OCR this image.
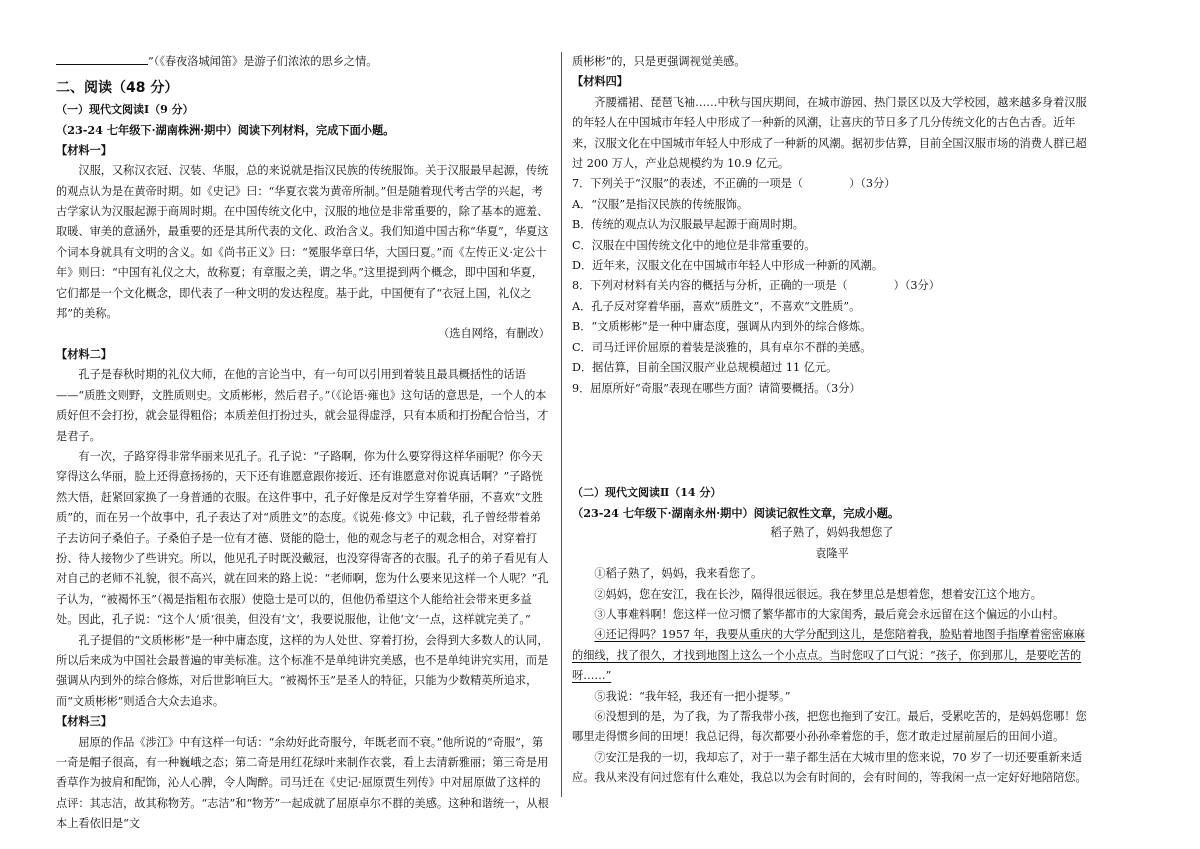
”（《春夜洛城闻笛》是游子们浓浓的思乡之情。

二、阅读（48 分）

（一）现代文阅读Ⅰ（9 分）

（23-24 七年级下·湖南株洲·期中）阅读下列材料，完成下面小题。

【材料一】

汉服，又称汉衣冠、汉装、华服，总的来说就是指汉民族的传统服饰。关于汉服最早起源，传统的观点认为是在黄帝时期。如《史记》曰：“华夏衣裳为黄帝所制。”但是随着现代考古学的兴起，考古学家认为汉服起源于商周时期。在中国传统文化中，汉服的地位是非常重要的，除了基本的遮羞、取暖、审美的意涵外，最重要的还是其所代表的文化、政治含义。我们知道中国古称“华夏”，华夏这个词本身就具有文明的含义。如《尚书正义》曰：“冕服华章曰华，大国曰夏。”而《左传正义·定公十年》则曰：“中国有礼仪之大，故称夏；有章服之美，谓之华。”这里提到两个概念，即中国和华夏，它们都是一个文化概念，即代表了一种文明的发达程度。基于此，中国便有了“衣冠上国，礼仪之邦”的美称。

（选自网络，有删改）

【材料二】

孔子是春秋时期的礼仪大师，在他的言论当中，有一句可以引用到着装且最具概括性的话语——“质胜文则野，文胜质则史。文质彬彬，然后君子。”（《论语·雍也》这句话的意思是，一个人的本质好但不会打扮，就会显得粗俗；本质差但打扮过头，就会显得虚浮，只有本质和打扮配合恰当，才是君子。

有一次，子路穿得非常华丽来见孔子。孔子说：“子路啊，你为什么要穿得这样华丽呢？你今天穿得这么华丽，脸上还得意扬扬的，天下还有谁愿意跟你接近、还有谁愿意对你说真话啊？”子路恍然大悟，赶紧回家换了一身普通的衣服。在这件事中，孔子好像是反对学生穿着华丽，不喜欢“文胜质”的，而在另一个故事中，孔子表达了对“质胜文”的态度。《说苑·修文》中记载，孔子曾经带着弟子去访问子桑伯子。子桑伯子是一位有才德、贤能的隐士，他的观念与老子的观念相合，对穿着打扮、待人接物少了些讲究。所以，他见孔子时既没戴冠，也没穿得寄吝的衣服。孔子的弟子看见有人对自己的老师不礼貌，很不高兴，就在回来的路上说：“老师啊，您为什么要来见这样一个人呢？”孔子认为，“被褐怀玉”（褐是指粗布衣服）使隐士是可以的，但他仍希望这个人能给社会带来更多益处。因此，孔子说：“这个人‘质’很美，但没有‘文’，我要说服他，让他‘文’一点，这样就完美了。”

孔子提倡的“文质彬彬”是一种中庸态度，这样的为人处世、穿着打扮，会得到大多数人的认同，所以后来成为中国社会最普遍的审美标准。这个标准不是单纯讲究美感，也不是单纯讲究实用，而是强调从内到外的综合修炼，对后世影响巨大。“被褐怀玉”是圣人的特征，只能为少数精英所追求，而“文质彬彬”则适合大众去追求。

【材料三】

屈原的作品《涉江》中有这样一句话：“余幼好此奇服兮，年既老而不衰。”他所说的“奇服”，第一奇是帽子很高，有一种巍峨之态；第二奇是用红花绿叶来制作衣裳，看上去清新雅丽；第三奇是用香草作为披肩和配饰，沁人心脾，令人陶醉。司马迁在《史记·屈原贾生列传》中对屈原做了这样的点评：其志洁，故其称物芳。“志洁”和“物芳”一起成就了屈原卓尔不群的美感。这种和谐统一，从根本上看依旧是“文

质彬彬”的，只是更强调视觉美感。

【材料四】

齐腰襦裙、琵琶飞袖……中秋与国庆期间，在城市游园、热门景区以及大学校园，越来越多身着汉服的年轻人在中国城市年轻人中形成了一种新的风潮，让喜庆的节日多了几分传统文化的古色古香。近年来，汉服文化在中国城市年轻人中形成了一种新的风潮。据初步估算，目前全国汉服市场的消费人群已超过 200 万人，产业总规模约为 10.9 亿元。

7．下列关于“汉服”的表述，不正确的一项是（	）（3分）

A．“汉服”是指汉民族的传统服饰。

B．传统的观点认为汉服最早起源于商周时期。

C．汉服在中国传统文化中的地位是非常重要的。

D．近年来，汉服文化在中国城市年轻人中形成一种新的风潮。

8．下列对材料有关内容的概括与分析，正确的一项是（	）（3分）

A．孔子反对穿着华丽，喜欢“质胜文”，不喜欢“文胜质”。

B．“文质彬彬”是一种中庸态度，强调从内到外的综合修炼。

C．司马迁评价屈原的着装是淡雅的，具有卓尔不群的美感。

D．据估算，目前全国汉服产业总规模超过 11 亿元。

9．屈原所好“奇服”表现在哪些方面？请简要概括。（3分）

（二）现代文阅读Ⅱ（14 分）

（23-24 七年级下·湖南永州·期中）阅读记叙性文章，完成小题。

稻子熟了，妈妈我想您了

袁隆平

①稻子熟了，妈妈，我来看您了。

②妈妈，您在安江，我在长沙，隔得很远很远。我在梦里总是想着您，想着安江这个地方。

③人事难料啊！您这样一位习惯了繁华都市的大家闺秀，最后竟会永远留在这个偏远的小山村。

④还记得吗？1957 年，我要从重庆的大学分配到这儿，是您陪着我，脸贴着地图手指摩着密密麻麻的细线，找了很久，才找到地图上这么一个小点点。当时您叹了口气说：“孩子，你到那儿，是要吃苦的呀……”

⑤我说：“我年轻，我还有一把小提琴。”

⑥没想到的是，为了我，为了帮我带小孩，把您也拖到了安江。最后，受累吃苦的，是妈妈您哪！您哪里走得惯乡间的田埂！我总记得，每次都要小孙孙牵着您的手，您才敢走过屋前屋后的田间小道。

⑦安江是我的一切，我却忘了，对于一辈子都生活在大城市里的您来说，70 岁了一切还要重新来适应。我从来没有问过您有什么难处，我总以为会有时间的，会有时间的，等我闲一点一定好好地陪陪您。
